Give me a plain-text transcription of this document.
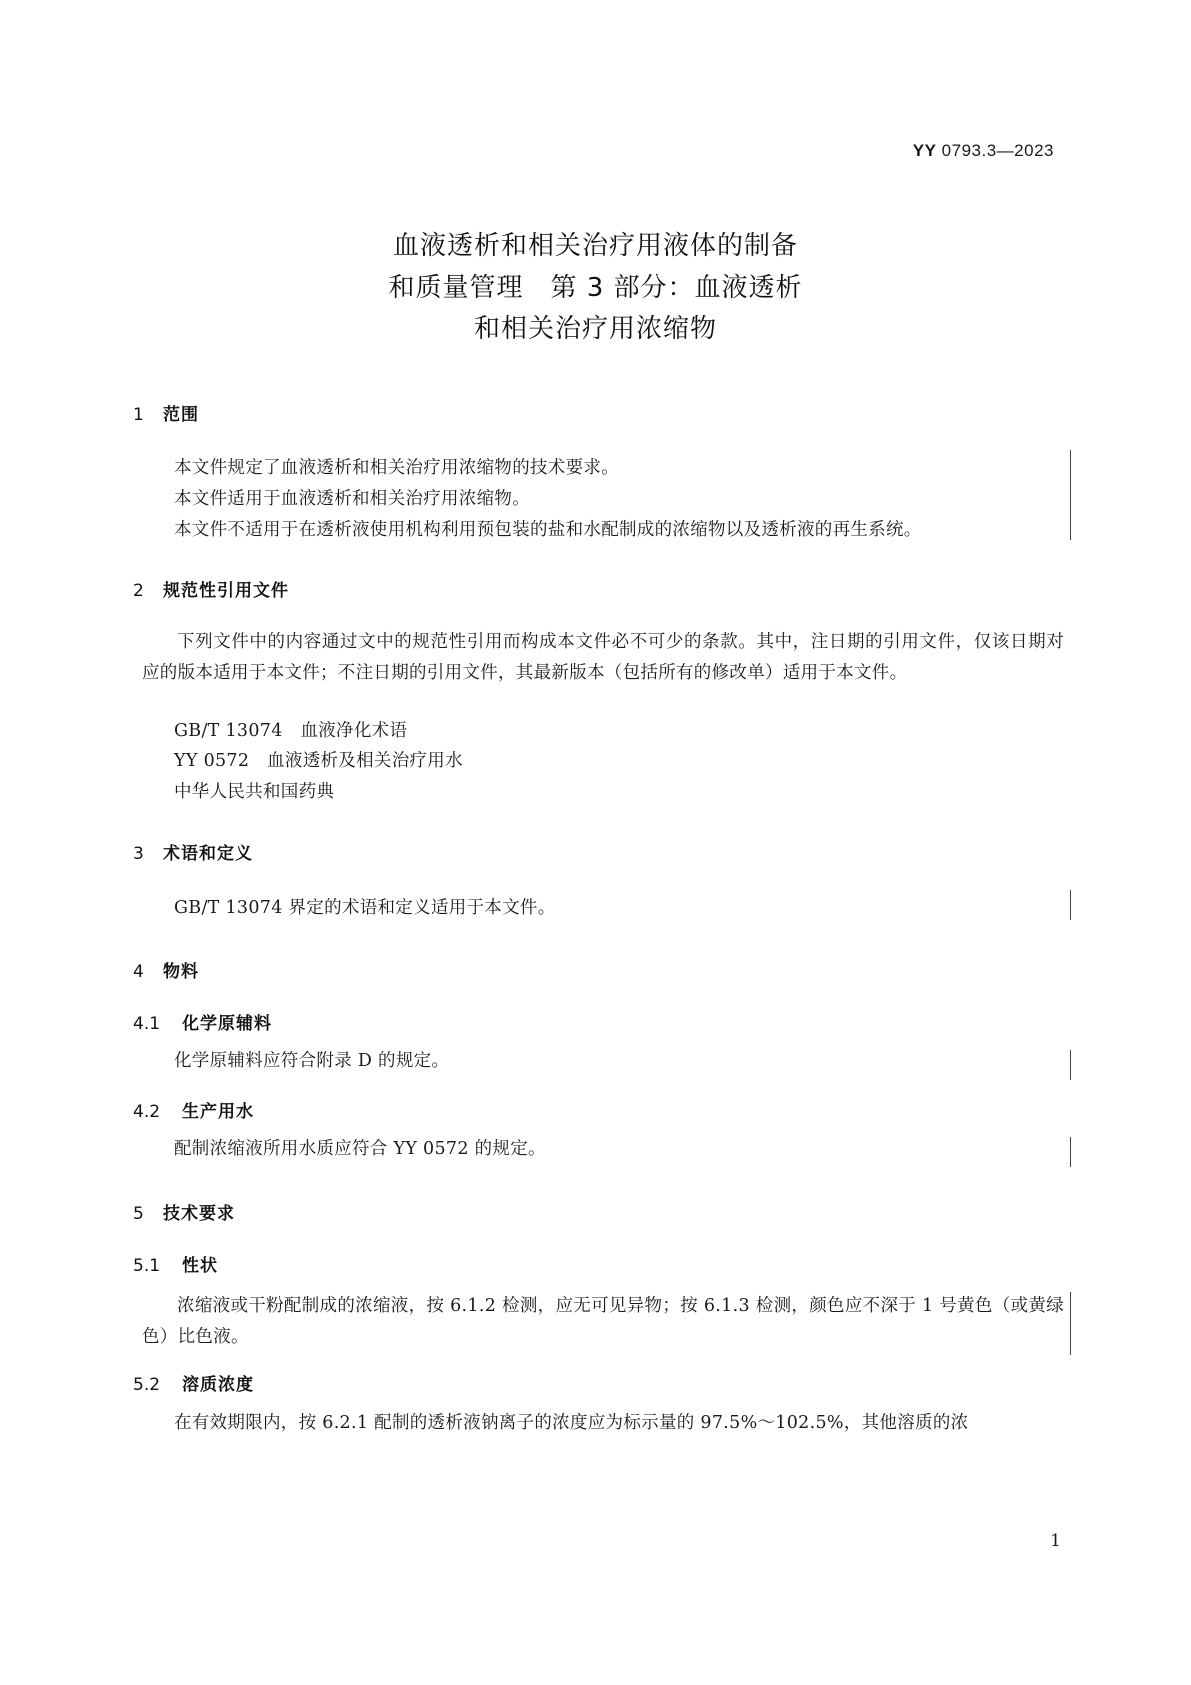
YY 0793.3—2023
血液透析和相关治疗用液体的制备
和质量管理　第 3 部分：血液透析
和相关治疗用浓缩物
1 范围
本文件规定了血液透析和相关治疗用浓缩物的技术要求。
本文件适用于血液透析和相关治疗用浓缩物。
本文件不适用于在透析液使用机构利用预包装的盐和水配制成的浓缩物以及透析液的再生系统。
2 规范性引用文件
下列文件中的内容通过文中的规范性引用而构成本文件必不可少的条款。其中，注日期的引用文件，仅该日期对应的版本适用于本文件；不注日期的引用文件，其最新版本（包括所有的修改单）适用于本文件。
GB/T 13074　血液净化术语
YY 0572　血液透析及相关治疗用水
中华人民共和国药典
3 术语和定义
GB/T 13074 界定的术语和定义适用于本文件。
4 物料
4.1 化学原辅料
化学原辅料应符合附录 D 的规定。
4.2 生产用水
配制浓缩液所用水质应符合 YY 0572 的规定。
5 技术要求
5.1 性状
浓缩液或干粉配制成的浓缩液，按 6.1.2 检测，应无可见异物；按 6.1.3 检测，颜色应不深于 1 号黄色（或黄绿色）比色液。
5.2 溶质浓度
在有效期限内，按 6.2.1 配制的透析液钠离子的浓度应为标示量的 97.5%～102.5%，其他溶质的浓
1
